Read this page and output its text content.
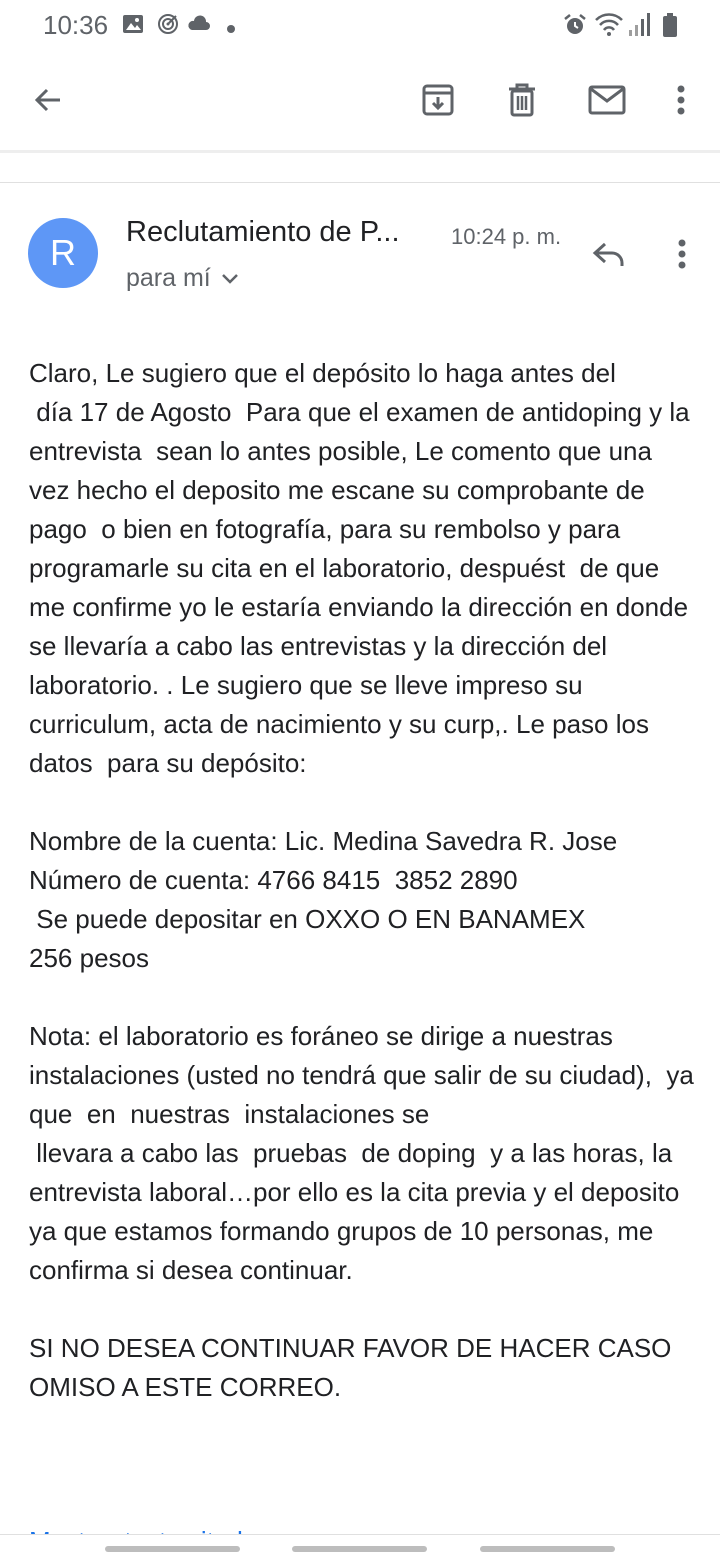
10:36
R	Reclutamiento de P...	10:24 p. m.
para mí
Claro, Le sugiero que el depósito lo haga antes del
día 17 de Agosto  Para que el examen de antidoping y la entrevista  sean lo antes posible, Le comento que una vez hecho el deposito me escane su comprobante de pago  o bien en fotografía, para su rembolso y para programarle su cita en el laboratorio, despuést  de que me confirme yo le estaría enviando la dirección en donde se llevaría a cabo las entrevistas y la dirección del laboratorio. . Le sugiero que se lleve impreso su curriculum, acta de nacimiento y su curp,. Le paso los datos  para su depósito:

Nombre de la cuenta: Lic. Medina Savedra R. Jose
Número de cuenta: 4766 8415  3852 2890
Se puede depositar en OXXO O EN BANAMEX
256 pesos

Nota: el laboratorio es foráneo se dirige a nuestras instalaciones (usted no tendrá que salir de su ciudad),  ya que  en  nuestras  instalaciones se
llevara a cabo las  pruebas  de doping  y a las horas, la entrevista laboral…por ello es la cita previa y el deposito  ya que estamos formando grupos de 10 personas, me  confirma si desea continuar.

SI NO DESEA CONTINUAR FAVOR DE HACER CASO OMISO A ESTE CORREO.
